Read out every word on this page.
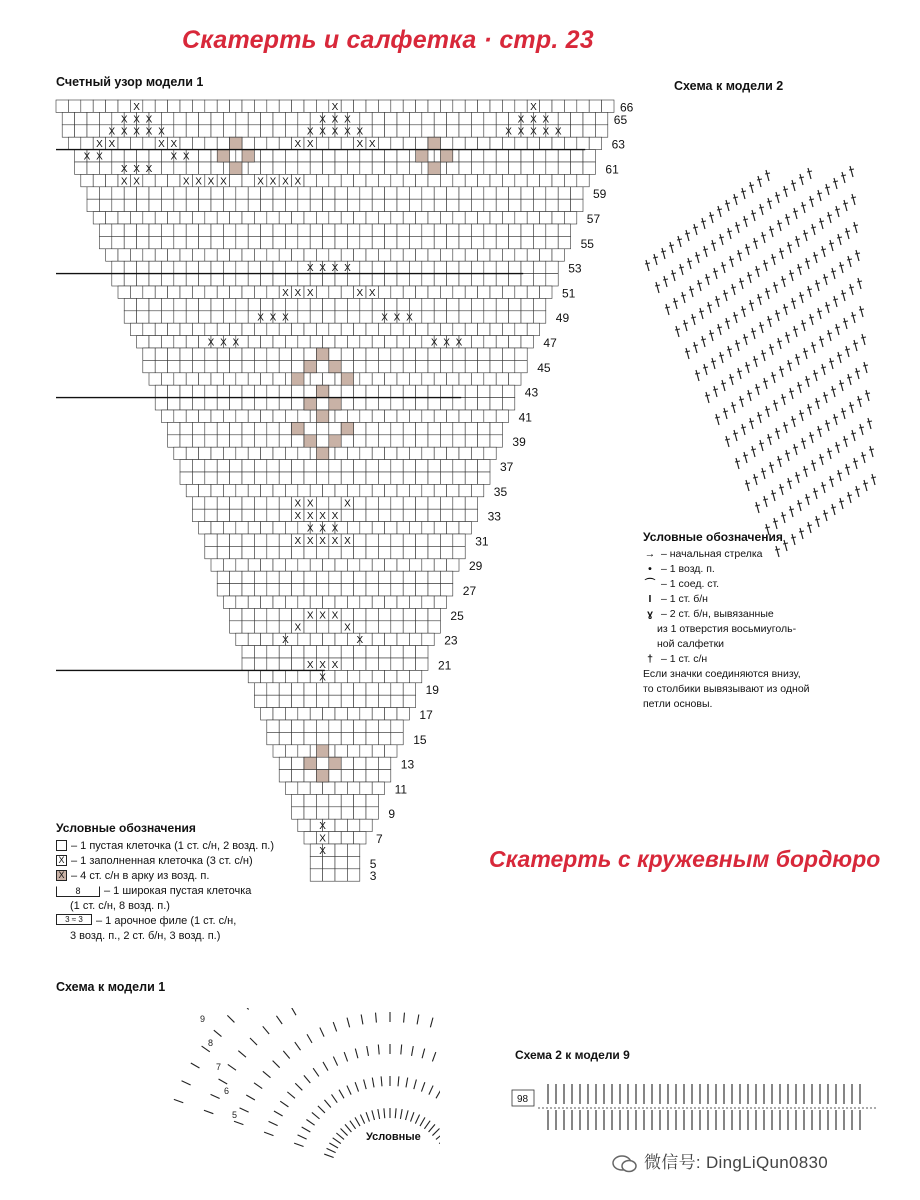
Скатерть и салфетка · стр. 23
Счетный узор модели 1	Схема к модели 2
X
X X X
X X X X X
X X	X X
X X	X X
X
X X X
X X X X X
X X	X X
X
X X X
X X X X X
X X X
X X	X X X X	X X X X
X X X X
X X X	X X
X X X	X X X
X X X	X X X
X X	X
X X X X
X X X
X X X X X
X X X
X	X
X	X
X X X
X
X
X
X
66
65
63
61
59
57
55
53
51
49
47
45
43
41
39
37
35
33
31
29
27
25
23
21
19
17
15
13
11
9
7
5
3
Условные обозначения
– 1 пустая клеточка (1 ст. с/н, 2 возд. п.)
X – 1 заполненная клеточка (3 ст. с/н)
X – 4 ст. с/н в арку из возд. п.
8	– 1 широкая пустая клеточка
(1 ст. с/н, 8 возд. п.)
3 ≈ 3	– 1 арочное филе (1 ст. с/н,
3 возд. п., 2 ст. б/н, 3 возд. п.)
Условные обозначения
→ – начальная стрелка
• – 1 возд. п.
⌒ – 1 соед. ст.
I – 1 ст. б/н
ɣ – 2 ст. б/н, вывязанные
из 1 отверстия восьмиуголь-
ной салфетки
† – 1 ст. с/н
Если значки соединяются внизу,
то столбики вывязывают из одной
петли основы.
Скатерть с кружевным бордюро
Схема к модели 1
9
8
7
6
5
Условные
Схема 2 к модели 9
98
微信号: DingLiQun0830
